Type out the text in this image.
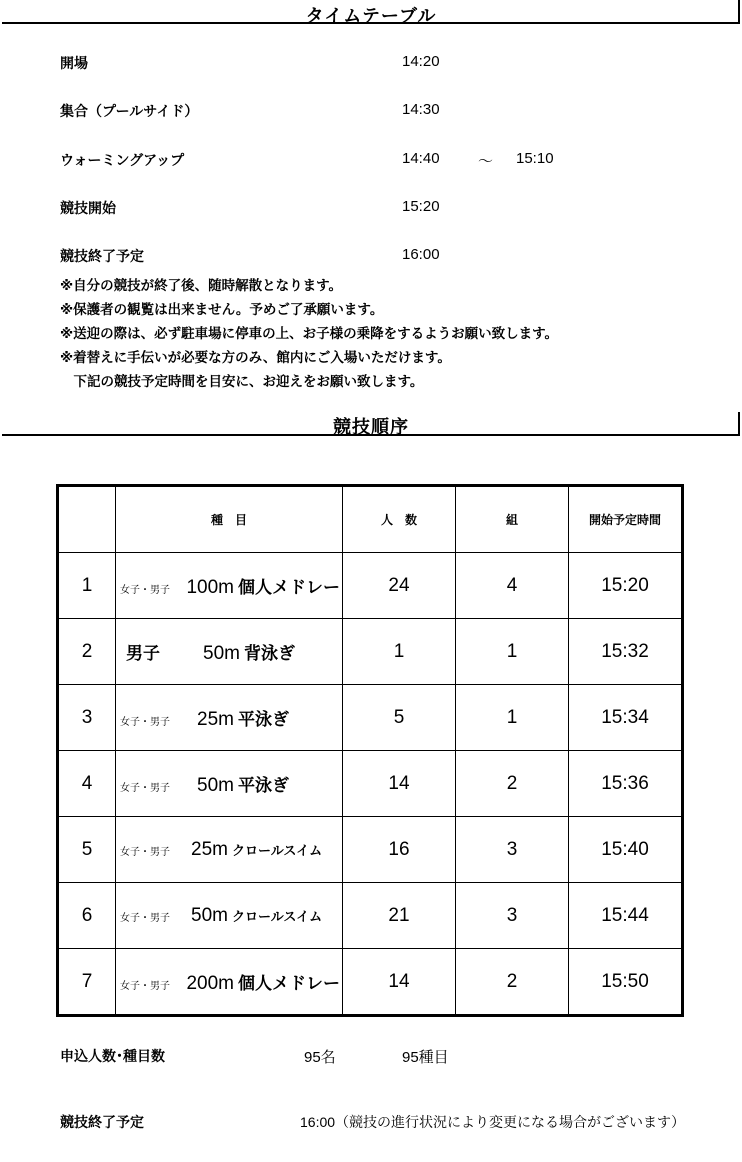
タイムテーブル
開場	14:20
集合（プールサイド）	14:30
ウォーミングアップ	14:40	～ 15:10
競技開始	15:20
競技終了予定	16:00
※自分の競技が終了後、随時解散となります。
※保護者の観覧は出来ません。予めご了承願います。
※送迎の際は、必ず駐車場に停車の上、お子様の乗降をするようお願い致します。
※着替えに手伝いが必要な方のみ、館内にご入場いただけます。
　下記の競技予定時間を目安に、お迎えをお願い致します。
競技順序
	種　目	人　数	組	開始予定時間
1	女子・男子 100m 個人メドレー	24	4	15:20
2	男子 50m 背泳ぎ	1	1	15:32
3	女子・男子 25m 平泳ぎ	5	1	15:34
4	女子・男子 50m 平泳ぎ	14	2	15:36
5	女子・男子 25m クロールスイム	16	3	15:40
6	女子・男子 50m クロールスイム	21	3	15:44
7	女子・男子 200m 個人メドレー	14	2	15:50
申込人数･種目数	95名	95種目
競技終了予定	16:00（競技の進行状況により変更になる場合がございます）
